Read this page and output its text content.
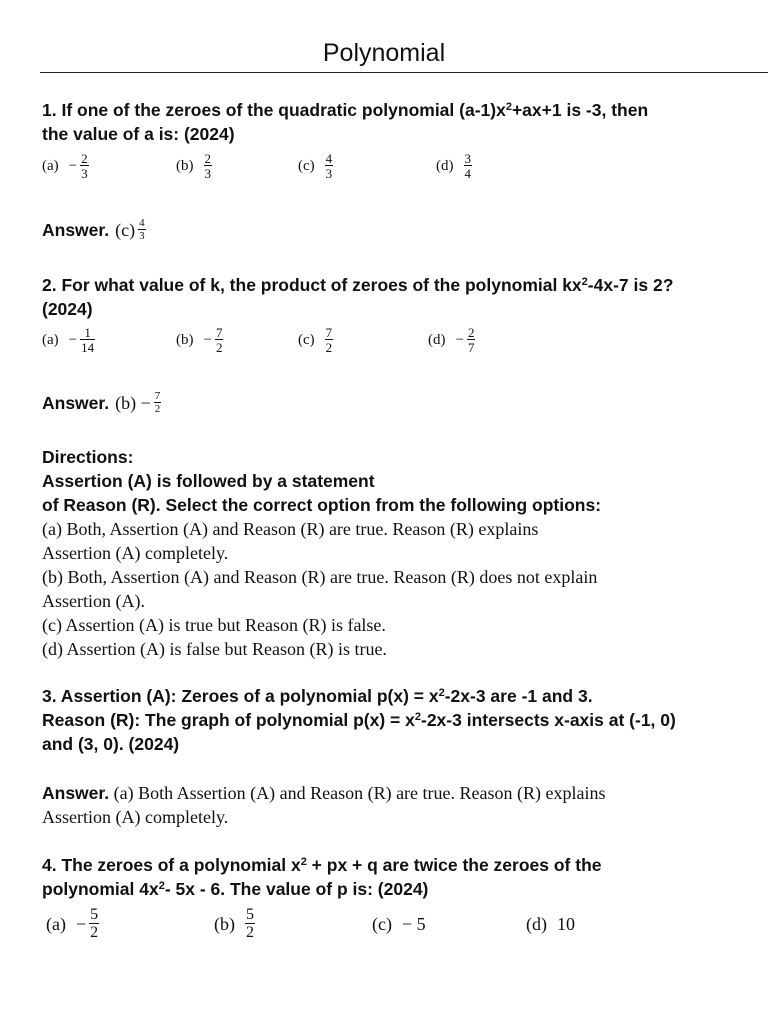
Polynomial

1. If one of the zeroes of the quadratic polynomial $(a-1)x^2+ax+1$ is -3, then

the value of a is: (2024)

$(a) - \frac{2}{3}$	$(b) \frac{2}{3}$	$(c) \frac{4}{3}$	$(d) \frac{3}{4}$
Answer. $(c) \frac{4}{3}$

2. For what value of k, the product of zeroes of the polynomial $kx^2-4x-7$ is 2?

(2024)

$(a) - \frac{1}{14}$	$(b) - \frac{7}{2}$	$(c) \frac{7}{2}$	$(d) - \frac{2}{7}$
Answer. $(b) - \frac{7}{2}$

Directions:

Assertion (A) is followed by a statement

of Reason (R). Select the correct option from the following options:

(a) Both, Assertion (A) and Reason (R) are true. Reason (R) explains

Assertion (A) completely.

(b) Both, Assertion (A) and Reason (R) are true. Reason (R) does not explain

Assertion (A).

(c) Assertion (A) is true but Reason (R) is false.

(d) Assertion (A) is false but Reason (R) is true.

3. Assertion (A): Zeroes of a polynomial $p(x) = x^2-2x-3$ are -1 and 3.

Reason (R): The graph of polynomial $p(x) = x^2-2x-3$ intersects x-axis at (-1, 0)

and (3, 0). (2024)

Answer. (a) Both Assertion (A) and Reason (R) are true. Reason (R) explains

Assertion (A) completely.

4. The zeroes of a polynomial $x^2$ + px + q are twice the zeroes of the

polynomial $4x^2-$ 5x - 6. The value of p is: (2024)

$(a) - \frac{5}{2}$	$(b) \frac{5}{2}$	(c) − 5	(d) 10
